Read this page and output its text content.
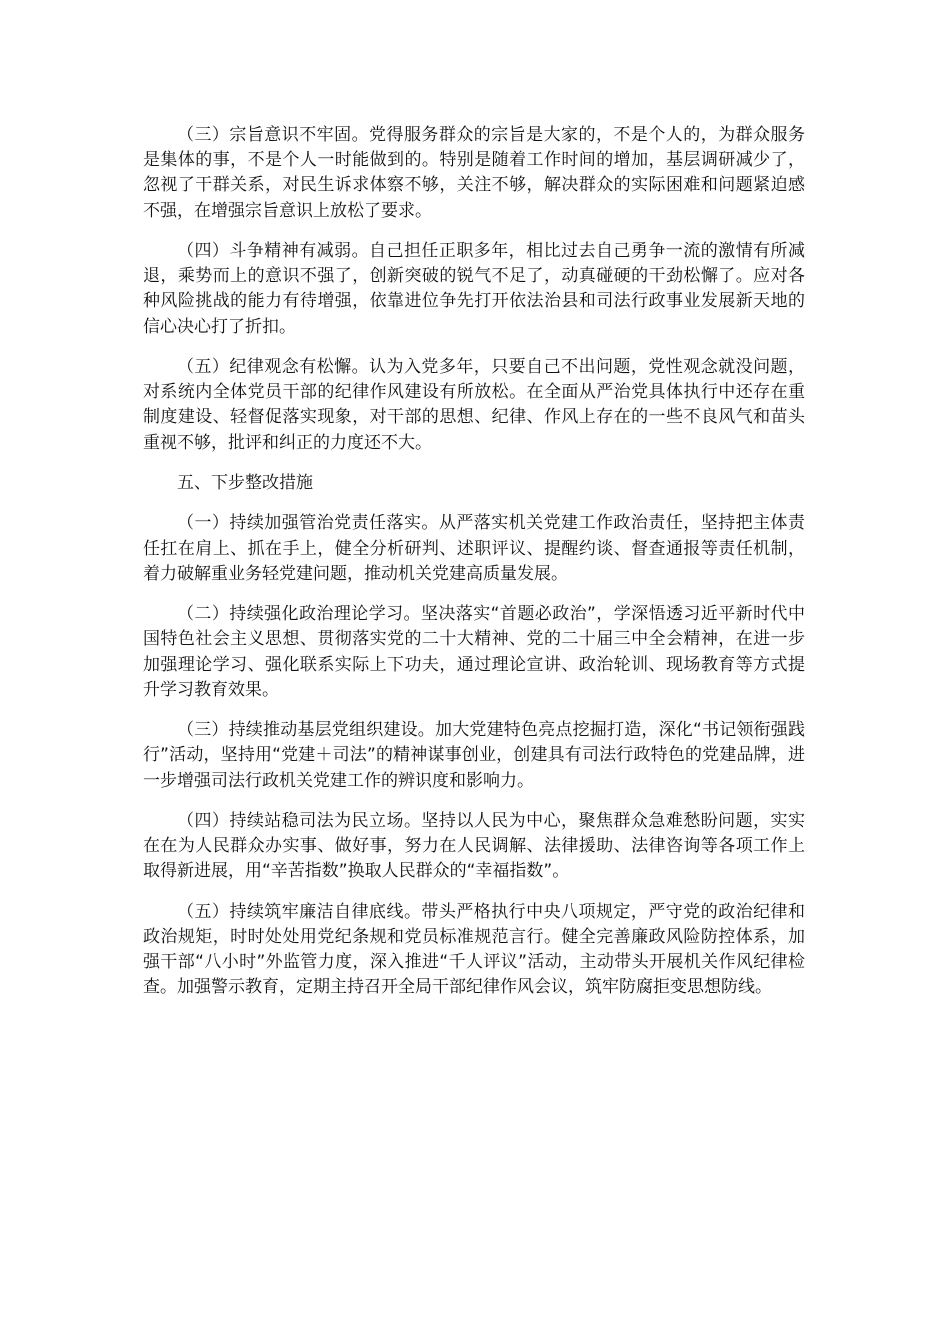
（三）宗旨意识不牢固。党得服务群众的宗旨是大家的，不是个人的，为群众服务是集体的事，不是个人一时能做到的。特别是随着工作时间的增加，基层调研减少了，忽视了干群关系，对民生诉求体察不够，关注不够，解决群众的实际困难和问题紧迫感不强，在增强宗旨意识上放松了要求。

（四）斗争精神有减弱。自己担任正职多年，相比过去自己勇争一流的激情有所减退，乘势而上的意识不强了，创新突破的锐气不足了，动真碰硬的干劲松懈了。应对各种风险挑战的能力有待增强，依靠进位争先打开依法治县和司法行政事业发展新天地的信心决心打了折扣。

（五）纪律观念有松懈。认为入党多年，只要自己不出问题，党性观念就没问题，对系统内全体党员干部的纪律作风建设有所放松。在全面从严治党具体执行中还存在重制度建设、轻督促落实现象，对干部的思想、纪律、作风上存在的一些不良风气和苗头重视不够，批评和纠正的力度还不大。

五、下步整改措施

（一）持续加强管治党责任落实。从严落实机关党建工作政治责任，坚持把主体责任扛在肩上、抓在手上，健全分析研判、述职评议、提醒约谈、督查通报等责任机制，着力破解重业务轻党建问题，推动机关党建高质量发展。

（二）持续强化政治理论学习。坚决落实“首题必政治”，学深悟透习近平新时代中国特色社会主义思想、贯彻落实党的二十大精神、党的二十届三中全会精神，在进一步加强理论学习、强化联系实际上下功夫，通过理论宣讲、政治轮训、现场教育等方式提升学习教育效果。

（三）持续推动基层党组织建设。加大党建特色亮点挖掘打造，深化“书记领衔强践行”活动，坚持用“党建＋司法”的精神谋事创业，创建具有司法行政特色的党建品牌，进一步增强司法行政机关党建工作的辨识度和影响力。

（四）持续站稳司法为民立场。坚持以人民为中心，聚焦群众急难愁盼问题，实实在在为人民群众办实事、做好事，努力在人民调解、法律援助、法律咨询等各项工作上取得新进展，用“辛苦指数”换取人民群众的“幸福指数”。

（五）持续筑牢廉洁自律底线。带头严格执行中央八项规定，严守党的政治纪律和政治规矩，时时处处用党纪条规和党员标准规范言行。健全完善廉政风险防控体系，加强干部“八小时”外监管力度，深入推进“千人评议”活动，主动带头开展机关作风纪律检查。加强警示教育，定期主持召开全局干部纪律作风会议，筑牢防腐拒变思想防线。
